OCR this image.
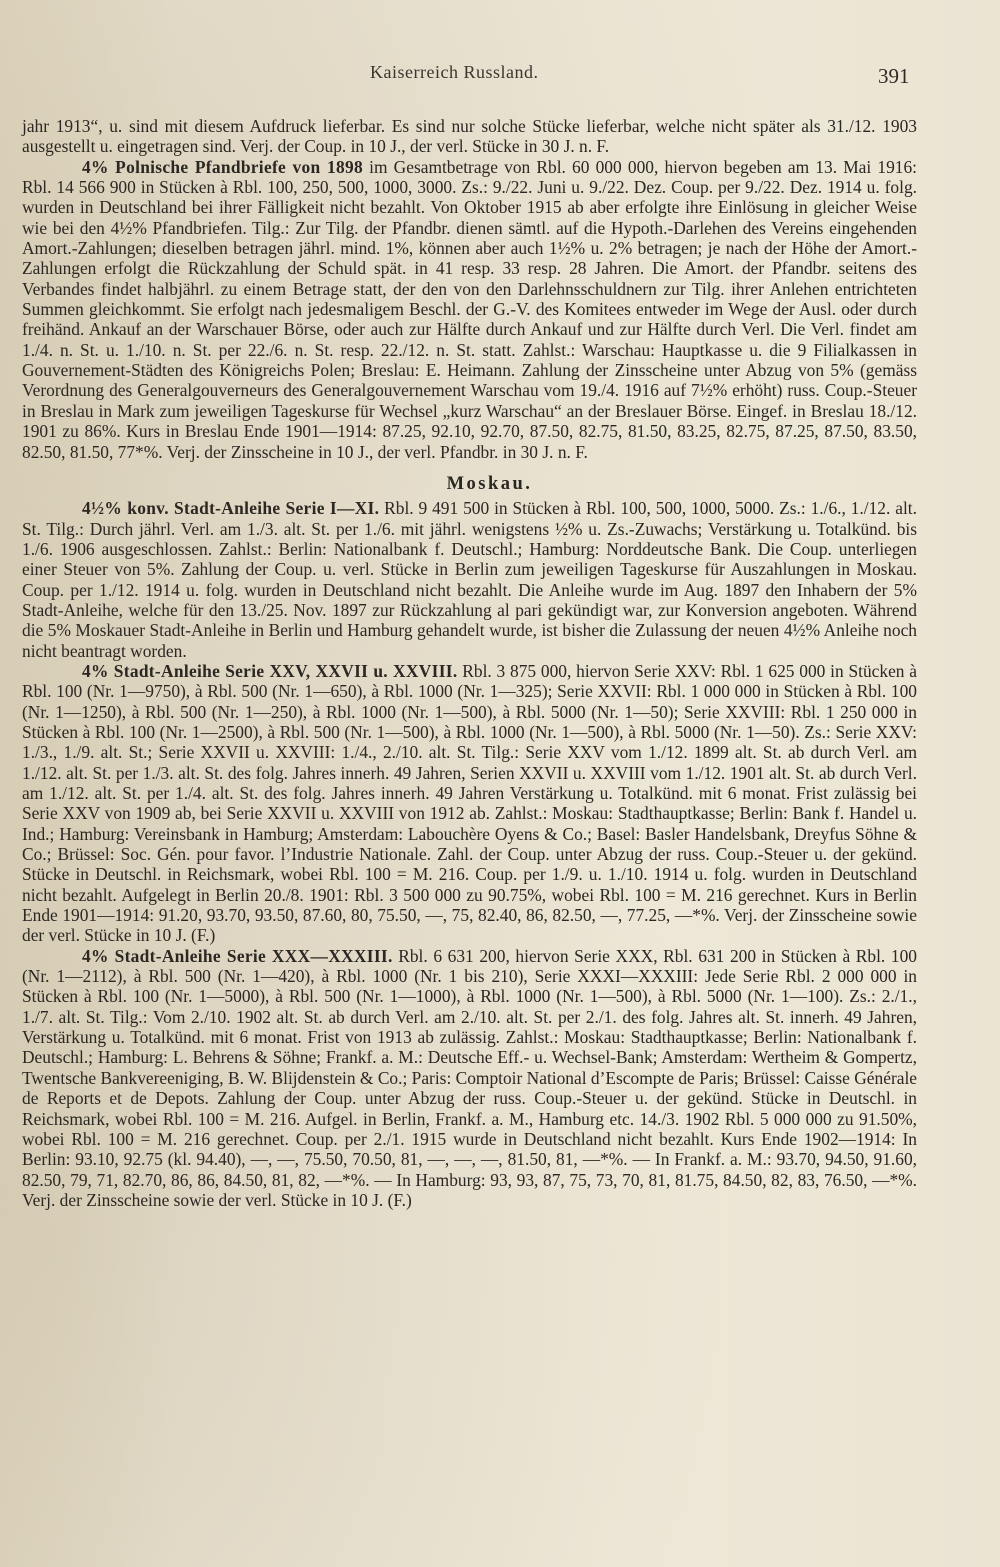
Kaiserreich Russland.	391

jahr 1913“, u. sind mit diesem Aufdruck lieferbar. Es sind nur solche Stücke lieferbar, welche nicht später als 31./12. 1903 ausgestellt u. eingetragen sind. Verj. der Coup. in 10 J., der verl. Stücke in 30 J. n. F.

4% Polnische Pfandbriefe von 1898 im Gesamtbetrage von Rbl. 60 000 000, hiervon begeben am 13. Mai 1916: Rbl. 14 566 900 in Stücken à Rbl. 100, 250, 500, 1000, 3000. Zs.: 9./22. Juni u. 9./22. Dez. Coup. per 9./22. Dez. 1914 u. folg. wurden in Deutschland bei ihrer Fälligkeit nicht bezahlt. Von Oktober 1915 ab aber erfolgte ihre Einlösung in gleicher Weise wie bei den 4½% Pfandbriefen. Tilg.: Zur Tilg. der Pfandbr. dienen sämtl. auf die Hypoth.-Darlehen des Vereins eingehenden Amort.-Zahlungen; dieselben betragen jährl. mind. 1%, können aber auch 1½% u. 2% betragen; je nach der Höhe der Amort.-Zahlungen erfolgt die Rückzahlung der Schuld spät. in 41 resp. 33 resp. 28 Jahren. Die Amort. der Pfandbr. seitens des Verbandes findet halbjährl. zu einem Betrage statt, der den von den Darlehnsschuldnern zur Tilg. ihrer Anlehen entrichteten Summen gleichkommt. Sie erfolgt nach jedesmaligem Beschl. der G.-V. des Komitees entweder im Wege der Ausl. oder durch freihänd. Ankauf an der Warschauer Börse, oder auch zur Hälfte durch Ankauf und zur Hälfte durch Verl. Die Verl. findet am 1./4. n. St. u. 1./10. n. St. per 22./6. n. St. resp. 22./12. n. St. statt. Zahlst.: Warschau: Hauptkasse u. die 9 Filialkassen in Gouvernement-Städten des Königreichs Polen; Breslau: E. Heimann. Zahlung der Zinsscheine unter Abzug von 5% (gemäss Verordnung des Generalgouverneurs des Generalgouvernement Warschau vom 19./4. 1916 auf 7½% erhöht) russ. Coup.-Steuer in Breslau in Mark zum jeweiligen Tageskurse für Wechsel „kurz Warschau“ an der Breslauer Börse. Eingef. in Breslau 18./12. 1901 zu 86%. Kurs in Breslau Ende 1901—1914: 87.25, 92.10, 92.70, 87.50, 82.75, 81.50, 83.25, 82.75, 87.25, 87.50, 83.50, 82.50, 81.50, 77*%. Verj. der Zinsscheine in 10 J., der verl. Pfandbr. in 30 J. n. F.

Moskau.

4½% konv. Stadt-Anleihe Serie I—XI. Rbl. 9 491 500 in Stücken à Rbl. 100, 500, 1000, 5000. Zs.: 1./6., 1./12. alt. St. Tilg.: Durch jährl. Verl. am 1./3. alt. St. per 1./6. mit jährl. wenigstens ½% u. Zs.-Zuwachs; Verstärkung u. Totalkünd. bis 1./6. 1906 ausgeschlossen. Zahlst.: Berlin: Nationalbank f. Deutschl.; Hamburg: Norddeutsche Bank. Die Coup. unterliegen einer Steuer von 5%. Zahlung der Coup. u. verl. Stücke in Berlin zum jeweiligen Tageskurse für Auszahlungen in Moskau. Coup. per 1./12. 1914 u. folg. wurden in Deutschland nicht bezahlt. Die Anleihe wurde im Aug. 1897 den Inhabern der 5% Stadt-Anleihe, welche für den 13./25. Nov. 1897 zur Rückzahlung al pari gekündigt war, zur Konversion angeboten. Während die 5% Moskauer Stadt-Anleihe in Berlin und Hamburg gehandelt wurde, ist bisher die Zulassung der neuen 4½% Anleihe noch nicht beantragt worden.

4% Stadt-Anleihe Serie XXV, XXVII u. XXVIII. Rbl. 3 875 000, hiervon Serie XXV: Rbl. 1 625 000 in Stücken à Rbl. 100 (Nr. 1—9750), à Rbl. 500 (Nr. 1—650), à Rbl. 1000 (Nr. 1—325); Serie XXVII: Rbl. 1 000 000 in Stücken à Rbl. 100 (Nr. 1—1250), à Rbl. 500 (Nr. 1—250), à Rbl. 1000 (Nr. 1—500), à Rbl. 5000 (Nr. 1—50); Serie XXVIII: Rbl. 1 250 000 in Stücken à Rbl. 100 (Nr. 1—2500), à Rbl. 500 (Nr. 1—500), à Rbl. 1000 (Nr. 1—500), à Rbl. 5000 (Nr. 1—50). Zs.: Serie XXV: 1./3., 1./9. alt. St.; Serie XXVII u. XXVIII: 1./4., 2./10. alt. St. Tilg.: Serie XXV vom 1./12. 1899 alt. St. ab durch Verl. am 1./12. alt. St. per 1./3. alt. St. des folg. Jahres innerh. 49 Jahren, Serien XXVII u. XXVIII vom 1./12. 1901 alt. St. ab durch Verl. am 1./12. alt. St. per 1./4. alt. St. des folg. Jahres innerh. 49 Jahren Verstärkung u. Totalkünd. mit 6 monat. Frist zulässig bei Serie XXV von 1909 ab, bei Serie XXVII u. XXVIII von 1912 ab. Zahlst.: Moskau: Stadthauptkasse; Berlin: Bank f. Handel u. Ind.; Hamburg: Vereinsbank in Hamburg; Amsterdam: Labouchère Oyens & Co.; Basel: Basler Handelsbank, Dreyfus Söhne & Co.; Brüssel: Soc. Gén. pour favor. l’Industrie Nationale. Zahl. der Coup. unter Abzug der russ. Coup.-Steuer u. der gekünd. Stücke in Deutschl. in Reichsmark, wobei Rbl. 100 = M. 216. Coup. per 1./9. u. 1./10. 1914 u. folg. wurden in Deutschland nicht bezahlt. Aufgelegt in Berlin 20./8. 1901: Rbl. 3 500 000 zu 90.75%, wobei Rbl. 100 = M. 216 gerechnet. Kurs in Berlin Ende 1901—1914: 91.20, 93.70, 93.50, 87.60, 80, 75.50, —, 75, 82.40, 86, 82.50, —, 77.25, —*%. Verj. der Zinsscheine sowie der verl. Stücke in 10 J. (F.)

4% Stadt-Anleihe Serie XXX—XXXIII. Rbl. 6 631 200, hiervon Serie XXX, Rbl. 631 200 in Stücken à Rbl. 100 (Nr. 1—2112), à Rbl. 500 (Nr. 1—420), à Rbl. 1000 (Nr. 1 bis 210), Serie XXXI—XXXIII: Jede Serie Rbl. 2 000 000 in Stücken à Rbl. 100 (Nr. 1—5000), à Rbl. 500 (Nr. 1—1000), à Rbl. 1000 (Nr. 1—500), à Rbl. 5000 (Nr. 1—100). Zs.: 2./1., 1./7. alt. St. Tilg.: Vom 2./10. 1902 alt. St. ab durch Verl. am 2./10. alt. St. per 2./1. des folg. Jahres alt. St. innerh. 49 Jahren, Verstärkung u. Totalkünd. mit 6 monat. Frist von 1913 ab zulässig. Zahlst.: Moskau: Stadthauptkasse; Berlin: Nationalbank f. Deutschl.; Hamburg: L. Behrens & Söhne; Frankf. a. M.: Deutsche Eff.- u. Wechsel-Bank; Amsterdam: Wertheim & Gompertz, Twentsche Bankvereeniging, B. W. Blijdenstein & Co.; Paris: Comptoir National d’Escompte de Paris; Brüssel: Caisse Générale de Reports et de Depots. Zahlung der Coup. unter Abzug der russ. Coup.-Steuer u. der gekünd. Stücke in Deutschl. in Reichsmark, wobei Rbl. 100 = M. 216. Aufgel. in Berlin, Frankf. a. M., Hamburg etc. 14./3. 1902 Rbl. 5 000 000 zu 91.50%, wobei Rbl. 100 = M. 216 gerechnet. Coup. per 2./1. 1915 wurde in Deutschland nicht bezahlt. Kurs Ende 1902—1914: In Berlin: 93.10, 92.75 (kl. 94.40), —, —, 75.50, 70.50, 81, —, —, —, 81.50, 81, —*%. — In Frankf. a. M.: 93.70, 94.50, 91.60, 82.50, 79, 71, 82.70, 86, 86, 84.50, 81, 82, —*%. — In Hamburg: 93, 93, 87, 75, 73, 70, 81, 81.75, 84.50, 82, 83, 76.50, —*%. Verj. der Zinsscheine sowie der verl. Stücke in 10 J. (F.)
